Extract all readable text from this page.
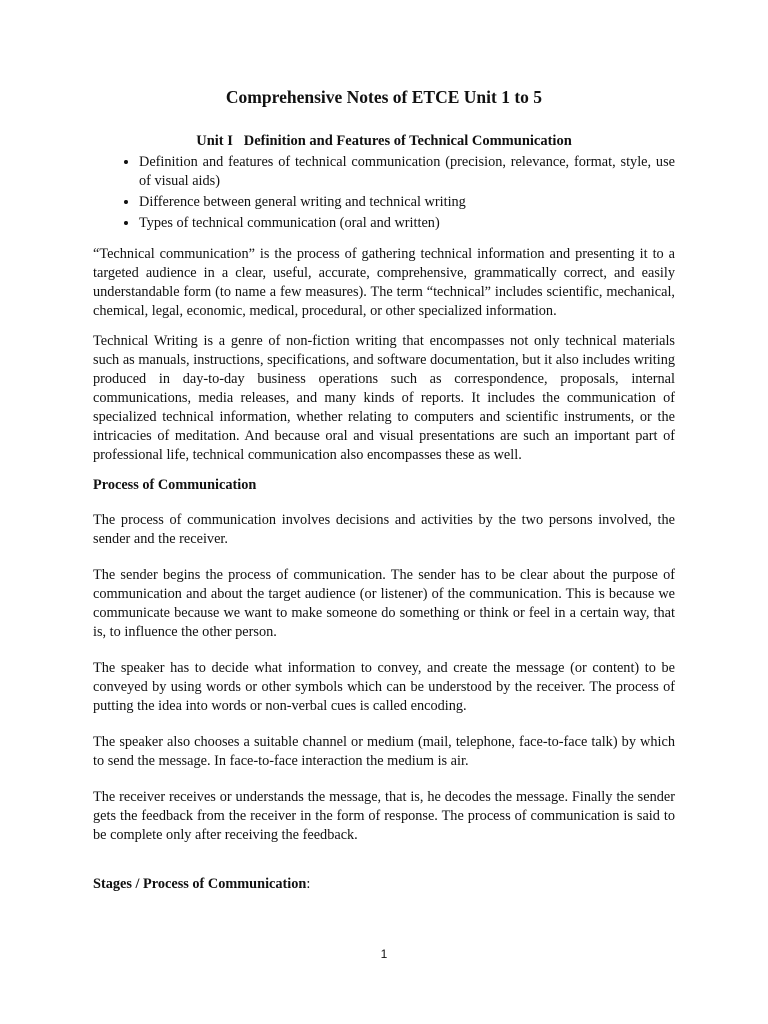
Comprehensive Notes of ETCE Unit 1 to 5
Unit I   Definition and Features of Technical Communication
• Definition and features of technical communication (precision, relevance, format, style, use of visual aids)
• Difference between general writing and technical writing
• Types of technical communication (oral and written)

“Technical communication” is the process of gathering technical information and presenting it to a targeted audience in a clear, useful, accurate, comprehensive, grammatically correct, and easily understandable form (to name a few measures). The term “technical” includes scientific, mechanical, chemical, legal, economic, medical, procedural, or other specialized information.

Technical Writing is a genre of non-fiction writing that encompasses not only technical materials such as manuals, instructions, specifications, and software documentation, but it also includes writing produced in day-to-day business operations such as correspondence, proposals, internal communications, media releases, and many kinds of reports. It includes the communication of specialized technical information, whether relating to computers and scientific instruments, or the intricacies of meditation. And because oral and visual presentations are such an important part of professional life, technical communication also encompasses these as well.

Process of Communication

The process of communication involves decisions and activities by the two persons involved, the sender and the receiver.

The sender begins the process of communication. The sender has to be clear about the purpose of communication and about the target audience (or listener) of the communication. This is because we communicate because we want to make someone do something or think or feel in a certain way, that is, to influence the other person.

The speaker has to decide what information to convey, and create the message (or content) to be conveyed by using words or other symbols which can be understood by the receiver. The process of putting the idea into words or non-verbal cues is called encoding.

The speaker also chooses a suitable channel or medium (mail, telephone, face-to-face talk) by which to send the message. In face-to-face interaction the medium is air.

The receiver receives or understands the message, that is, he decodes the message. Finally the sender gets the feedback from the receiver in the form of response. The process of communication is said to be complete only after receiving the feedback.

Stages / Process of Communication:
1
